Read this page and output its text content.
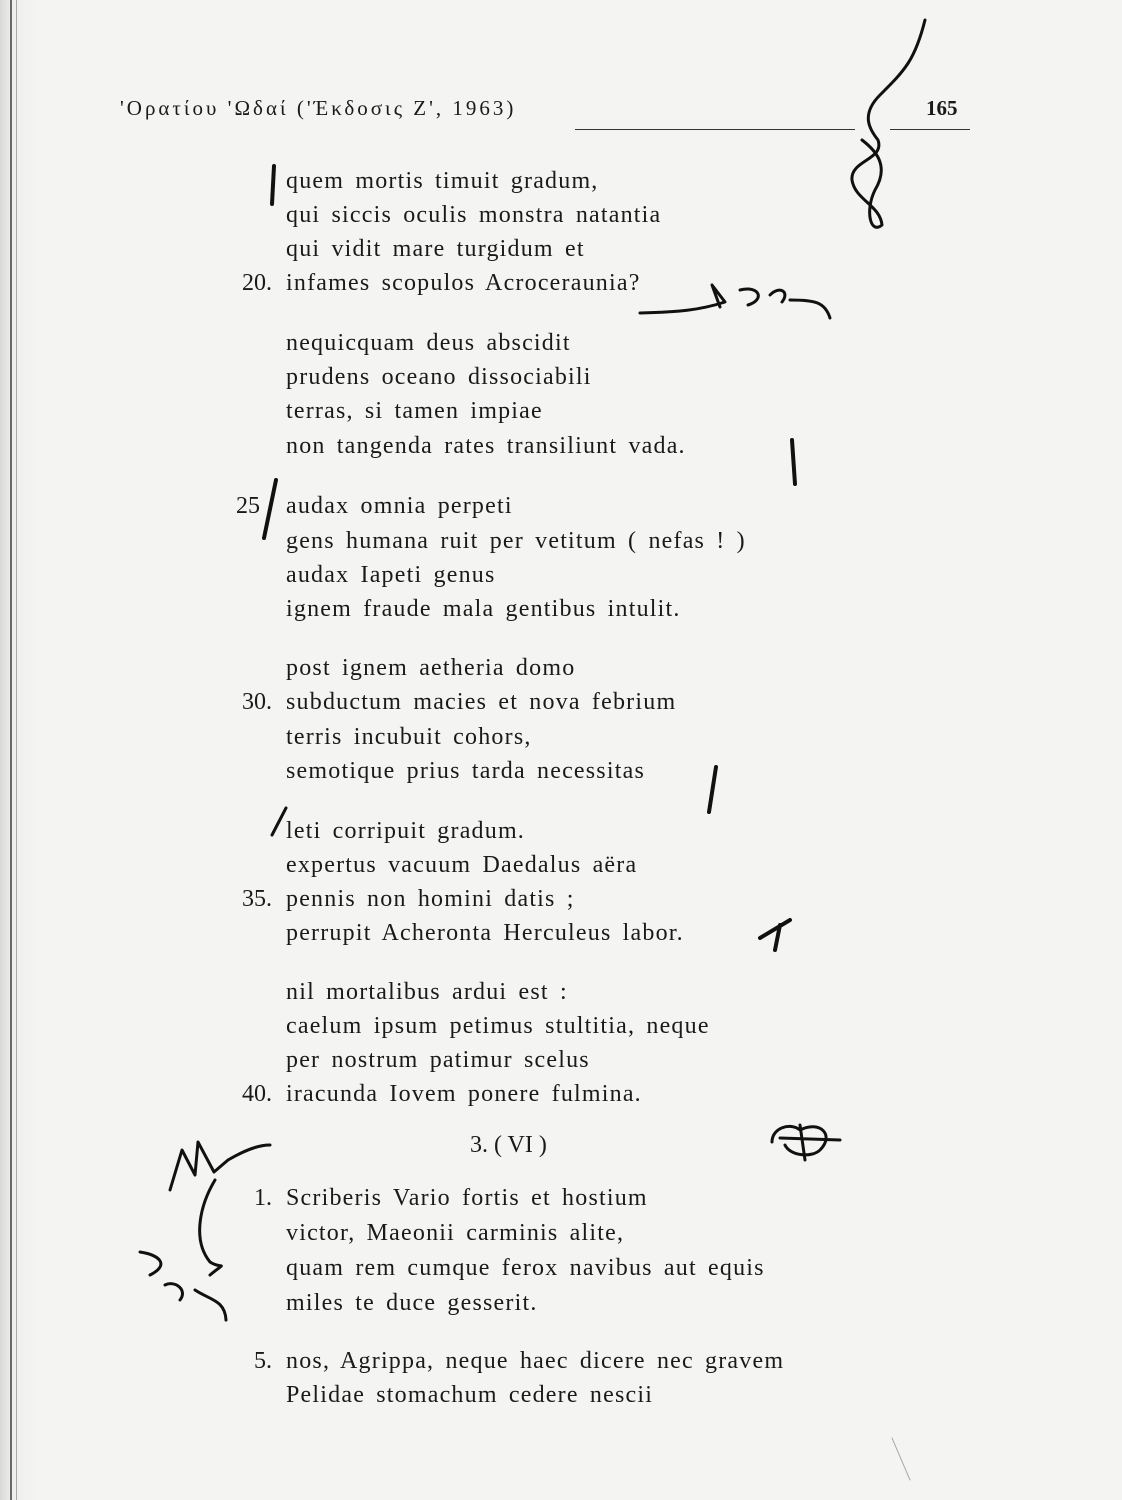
'Ορατίου 'Ωδαί ('Έκδοσις Ζ', 1963)	165
quem mortis timuit gradum,
qui siccis oculis monstra natantia
qui vidit mare turgidum et
20. infames scopulos Acroceraunia?
nequicquam deus abscidit
prudens oceano dissociabili
terras, si tamen impiae
non tangenda rates transiliunt vada.
25 audax omnia perpeti
gens humana ruit per vetitum ( nefas ! )
audax Iapeti genus
ignem fraude mala gentibus intulit.
post ignem aetheria domo
30. subductum macies et nova febrium
terris incubuit cohors,
semotique prius tarda necessitas
leti corripuit gradum.
expertus vacuum Daedalus aëra
35. pennis non homini datis ;
perrupit Acheronta Herculeus labor.
nil mortalibus ardui est :
caelum ipsum petimus stultitia, neque
per nostrum patimur scelus
40. iracunda Iovem ponere fulmina.
3. ( VI )
1. Scriberis Vario fortis et hostium
victor, Maeonii carminis alite,
quam rem cumque ferox navibus aut equis
miles te duce gesserit.
5. nos, Agrippa, neque haec dicere nec gravem
Pelidae stomachum cedere nescii
